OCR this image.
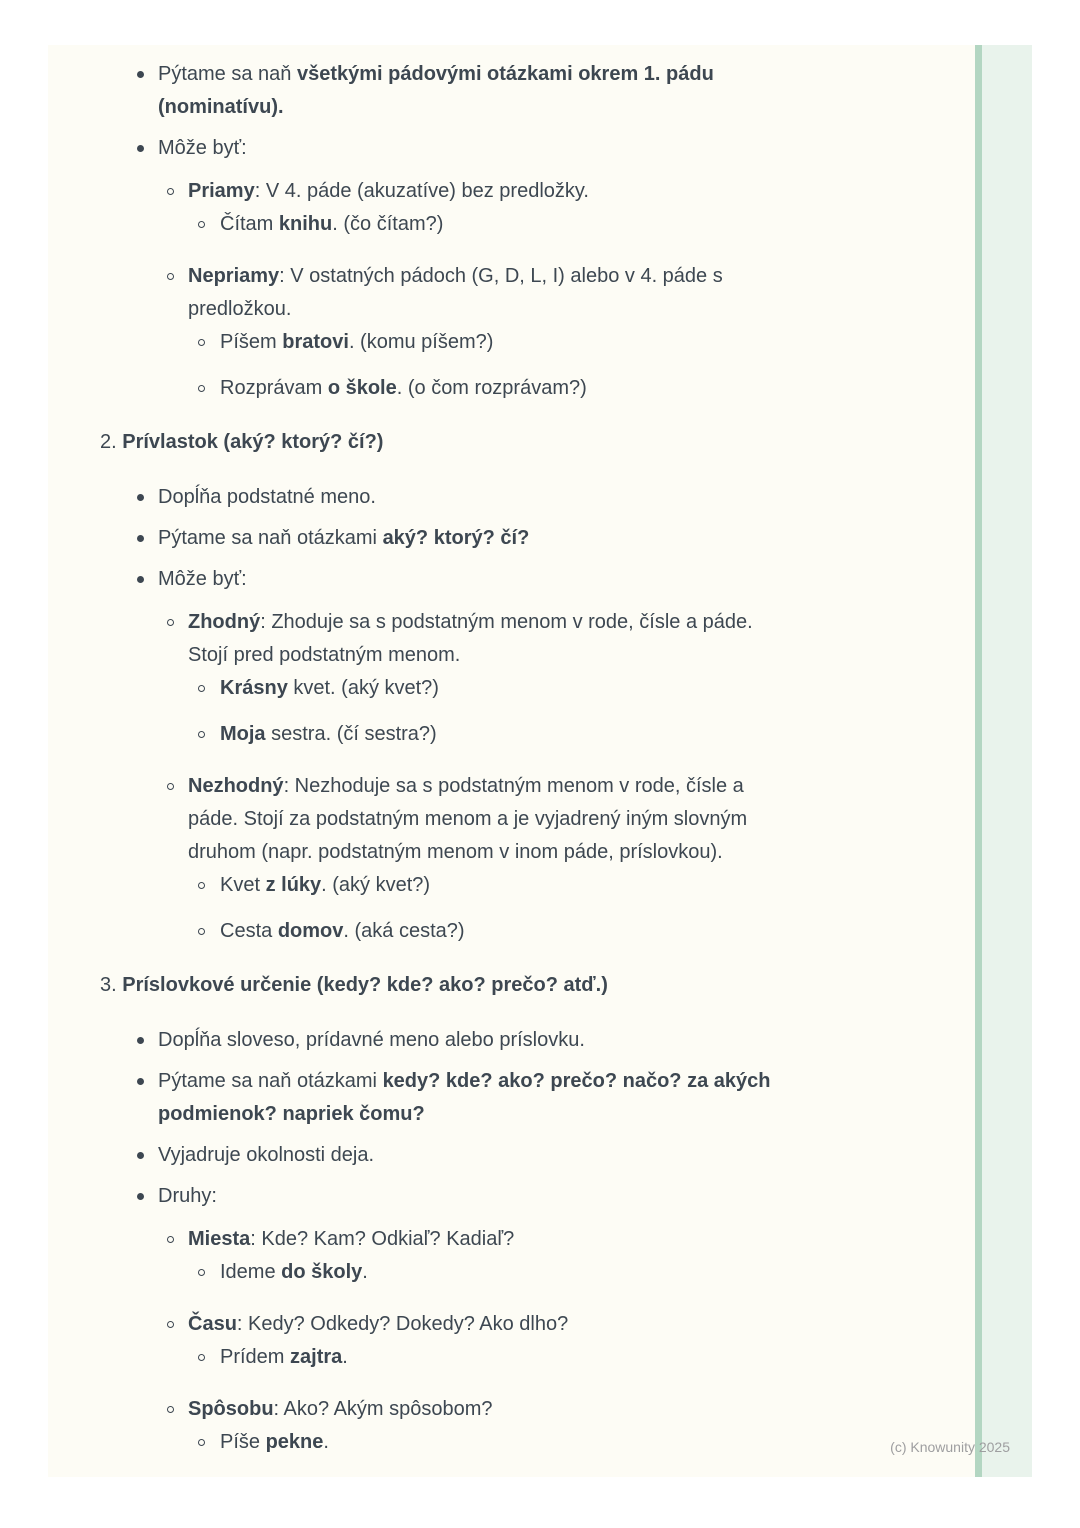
Pýtame sa naň všetkými pádovými otázkami okrem 1. pádu
(nominatívu).
Môže byť:
Priamy: V 4. páde (akuzatíve) bez predložky.
Čítam knihu. (čo čítam?)
Nepriamy: V ostatných pádoch (G, D, L, I) alebo v 4. páde s
predložkou.
Píšem bratovi. (komu píšem?)
Rozprávam o škole. (o čom rozprávam?)
2. Prívlastok (aký? ktorý? čí?)
Dopĺňa podstatné meno.
Pýtame sa naň otázkami aký? ktorý? čí?
Môže byť:
Zhodný: Zhoduje sa s podstatným menom v rode, čísle a páde.
Stojí pred podstatným menom.
Krásny kvet. (aký kvet?)
Moja sestra. (čí sestra?)
Nezhodný: Nezhoduje sa s podstatným menom v rode, čísle a
páde. Stojí za podstatným menom a je vyjadrený iným slovným
druhom (napr. podstatným menom v inom páde, príslovkou).
Kvet z lúky. (aký kvet?)
Cesta domov. (aká cesta?)
3. Príslovkové určenie (kedy? kde? ako? prečo? atď.)
Dopĺňa sloveso, prídavné meno alebo príslovku.
Pýtame sa naň otázkami kedy? kde? ako? prečo? načo? za akých
podmienok? napriek čomu?
Vyjadruje okolnosti deja.
Druhy:
Miesta: Kde? Kam? Odkiaľ? Kadiaľ?
Ideme do školy.
Času: Kedy? Odkedy? Dokedy? Ako dlho?
Prídem zajtra.
Spôsobu: Ako? Akým spôsobom?
Píše pekne.	(c) Knowunity 2025
